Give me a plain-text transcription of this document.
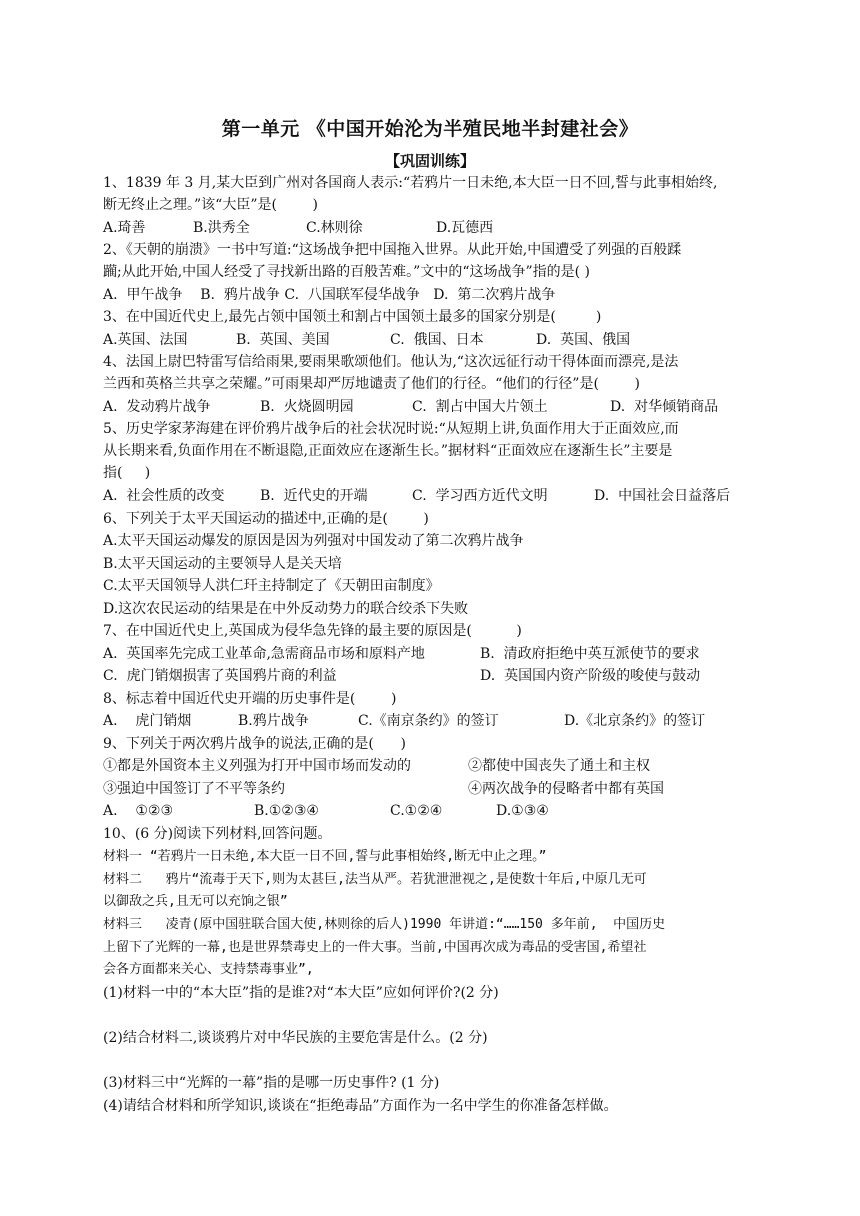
第一单元 《中国开始沦为半殖民地半封建社会》
【巩固训练】
1、1839 年 3 月,某大臣到广州对各国商人表示:“若鸦片一日未绝,本大臣一日不回,誓与此事相始终,
断无终止之理。”该“大臣”是(        )
A.琦善	B.洪秀全	C.林则徐	D.瓦德西
2、《天朝的崩溃》一书中写道:“这场战争把中国拖入世界。从此开始,中国遭受了列强的百般蹂
躏;从此开始,中国人经受了寻找新出路的百般苦难。”文中的“这场战争”指的是( )
A.  甲午战争    B.  鸦片战争 C.  八国联军侵华战争   D.  第二次鸦片战争
3、在中国近代史上,最先占领中国领土和割占中国领土最多的国家分别是(         )
A.英国、法国	B.  英国、美国	C.  俄国、日本	D.  英国、俄国
4、法国上尉巴特雷写信给雨果,要雨果歌颂他们。他认为,“这次远征行动干得体面而漂亮,是法
兰西和英格兰共享之荣耀。”可雨果却严厉地谴责了他们的行径。“他们的行径”是(        )
A.  发动鸦片战争	B.  火烧圆明园	C.  割占中国大片领土	D.  对华倾销商品
5、历史学家茅海建在评价鸦片战争后的社会状况时说:“从短期上讲,负面作用大于正面效应,而
从长期来看,负面作用在不断退隐,正面效应在逐渐生长。”据材料“正面效应在逐渐生长”主要是
指(     )
A.  社会性质的改变	B.  近代史的开端	C.  学习西方近代文明	D.  中国社会日益落后
6、下列关于太平天国运动的描述中,正确的是(        )
A.太平天国运动爆发的原因是因为列强对中国发动了第二次鸦片战争
B.太平天国运动的主要领导人是关天培
C.太平天国领导人洪仁玕主持制定了《天朝田亩制度》
D.这次农民运动的结果是在中外反动势力的联合绞杀下失败
7、在中国近代史上,英国成为侵华急先锋的最主要的原因是(          )
A.  英国率先完成工业革命,急需商品市场和原料产地	B.  清政府拒绝中英互派使节的要求
C.  虎门销烟损害了英国鸦片商的利益	D.  英国国内资产阶级的唆使与鼓动
8、标志着中国近代史开端的历史事件是(        )
A.    虎门销烟	B.鸦片战争	C.《南京条约》的签订	D.《北京条约》的签订
9、下列关于两次鸦片战争的说法,正确的是(      )
①都是外国资本主义列强为打开中国市场而发动的	②都使中国丧失了通土和主权
③强迫中国签订了不平等条约	④两次战争的侵略者中都有英国
A.    ①②③	B.①②③④	C.①②④	D.①③④
10、(6 分)阅读下列材料,回答问题。
材料一 “若鸦片一日未绝,本大臣一日不回,誓与此事相始终,断无中止之理。”
材料二   鸦片“流毒于天下,则为太甚巨,法当从严。若犹泄泄视之,是使数十年后,中原几无可
以御敌之兵,且无可以充饷之银”
材料三   凌青(原中国驻联合国大使,林则徐的后人)1990 年讲道:“……150 多年前,  中国历史
上留下了光辉的一幕,也是世界禁毒史上的一件大事。当前,中国再次成为毒品的受害国,希望社
会各方面都来关心、支持禁毒事业”,
(1)材料一中的“本大臣”指的是谁?对“本大臣”应如何评价?(2 分)
(2)结合材料二,谈谈鸦片对中华民族的主要危害是什么。(2 分)
(3)材料三中“光辉的一幕”指的是哪一历史事件? (1 分)
(4)请结合材料和所学知识,谈谈在“拒绝毒品”方面作为一名中学生的你准备怎样做。
